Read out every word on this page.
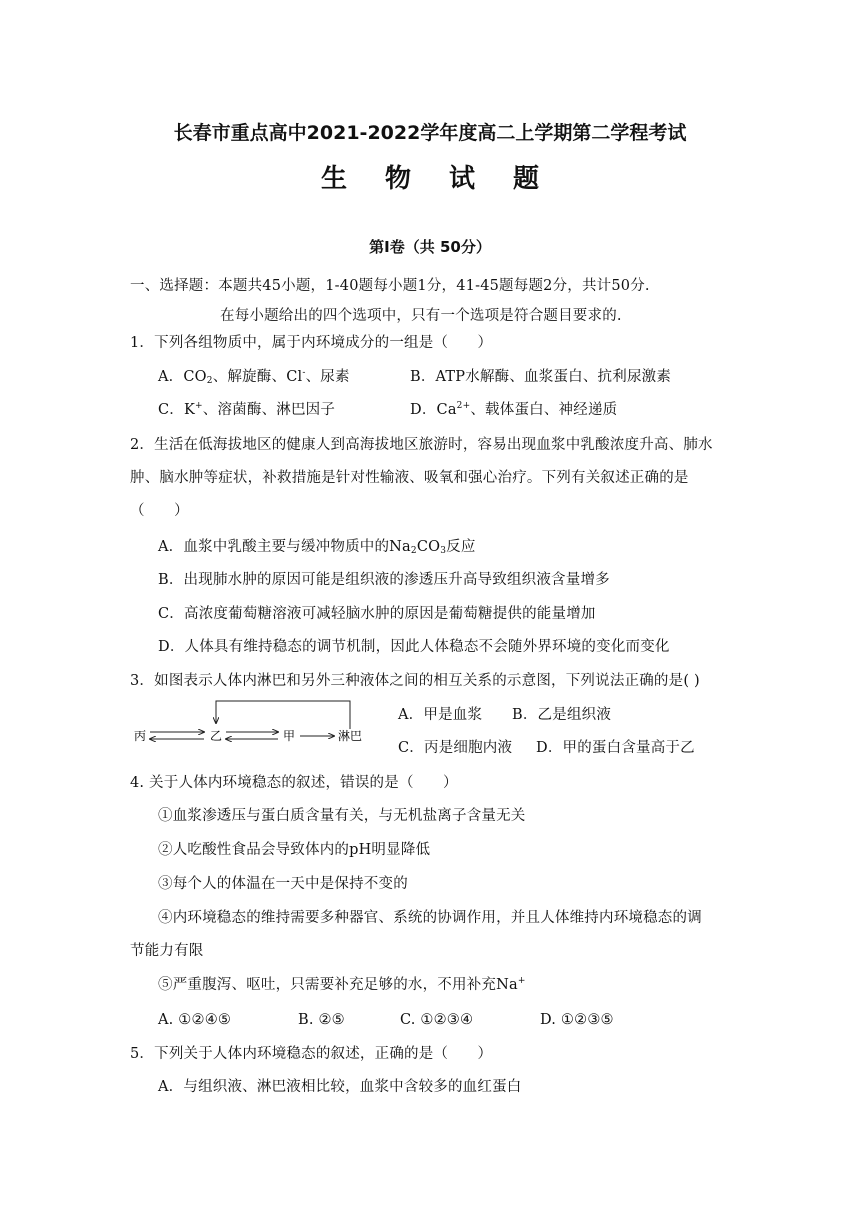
长春市重点高中2021-2022学年度高二上学期第二学程考试
生物试题
第Ⅰ卷（共 50分）
一、选择题：本题共45小题，1-40题每小题1分，41-45题每题2分，共计50分.
在每小题给出的四个选项中，只有一个选项是符合题目要求的.
1．下列各组物质中，属于内环境成分的一组是（　　）
A．$CO_2$、解旋酶、Cl-、尿素	B．ATP水解酶、血浆蛋白、抗利尿激素
C．K+、溶菌酶、淋巴因子	D．$Ca^{2+}$、载体蛋白、神经递质
2．生活在低海拔地区的健康人到高海拔地区旅游时，容易出现血浆中乳酸浓度升高、肺水
肿、脑水肿等症状，补救措施是针对性输液、吸氧和强心治疗。下列有关叙述正确的是
（　　）
A．血浆中乳酸主要与缓冲物质中的$Na_2CO_3$反应
B．出现肺水肿的原因可能是组织液的渗透压升高导致组织液含量增多
C．高浓度葡萄糖溶液可减轻脑水肿的原因是葡萄糖提供的能量增加
D．人体具有维持稳态的调节机制，因此人体稳态不会随外界环境的变化而变化
3．如图表示人体内淋巴和另外三种液体之间的相互关系的示意图，下列说法正确的是( )
丙	乙	甲	淋巴
A．甲是血浆 B．乙是组织液
C．丙是细胞内液 D．甲的蛋白含量高于乙
4. 关于人体内环境稳态的叙述，错误的是（　　）
①血浆渗透压与蛋白质含量有关，与无机盐离子含量无关
②人吃酸性食品会导致体内的pH明显降低
③每个人的体温在一天中是保持不变的
④内环境稳态的维持需要多种器官、系统的协调作用，并且人体维持内环境稳态的调
节能力有限
⑤严重腹泻、呕吐，只需要补充足够的水，不用补充Na+
A. ①②④⑤	B. ②⑤	C. ①②③④	D. ①②③⑤
5．下列关于人体内环境稳态的叙述，正确的是（　　）
A．与组织液、淋巴液相比较，血浆中含较多的血红蛋白
